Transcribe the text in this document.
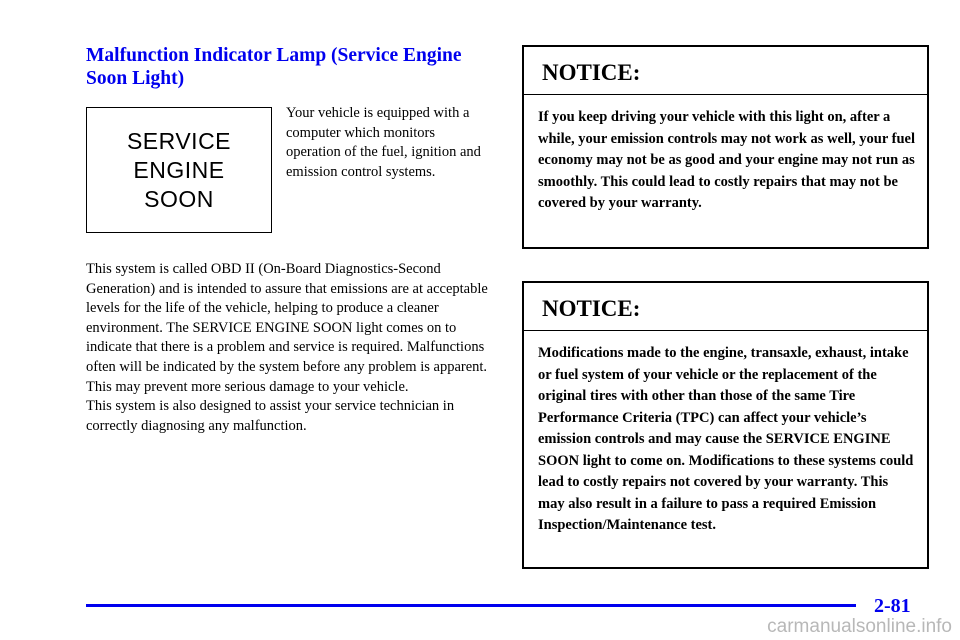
Malfunction Indicator Lamp (Service Engine Soon Light)
SERVICE
ENGINE
SOON

Your vehicle is equipped with a computer which monitors operation of the fuel, ignition and emission control systems.

This system is called OBD II (On‑Board Diagnostics‑Second Generation) and is intended to assure that emissions are at acceptable levels for the life of the vehicle, helping to produce a cleaner environment. The SERVICE ENGINE SOON light comes on to indicate that there is a problem and service is required. Malfunctions often will be indicated by the system before any problem is apparent. This may prevent more serious damage to your vehicle.

This system is also designed to assist your service technician in correctly diagnosing any malfunction.

NOTICE:

If you keep driving your vehicle with this light on, after a while, your emission controls may not work as well, your fuel economy may not be as good and your engine may not run as smoothly. This could lead to costly repairs that may not be covered by your warranty.

NOTICE:

Modifications made to the engine, transaxle, exhaust, intake or fuel system of your vehicle or the replacement of the original tires with other than those of the same Tire Performance Criteria (TPC) can affect your vehicle’s emission controls and may cause the SERVICE ENGINE SOON light to come on. Modifications to these systems could lead to costly repairs not covered by your warranty. This may also result in a failure to pass a required Emission Inspection/Maintenance test.

2-81
carmanualsonline.info
